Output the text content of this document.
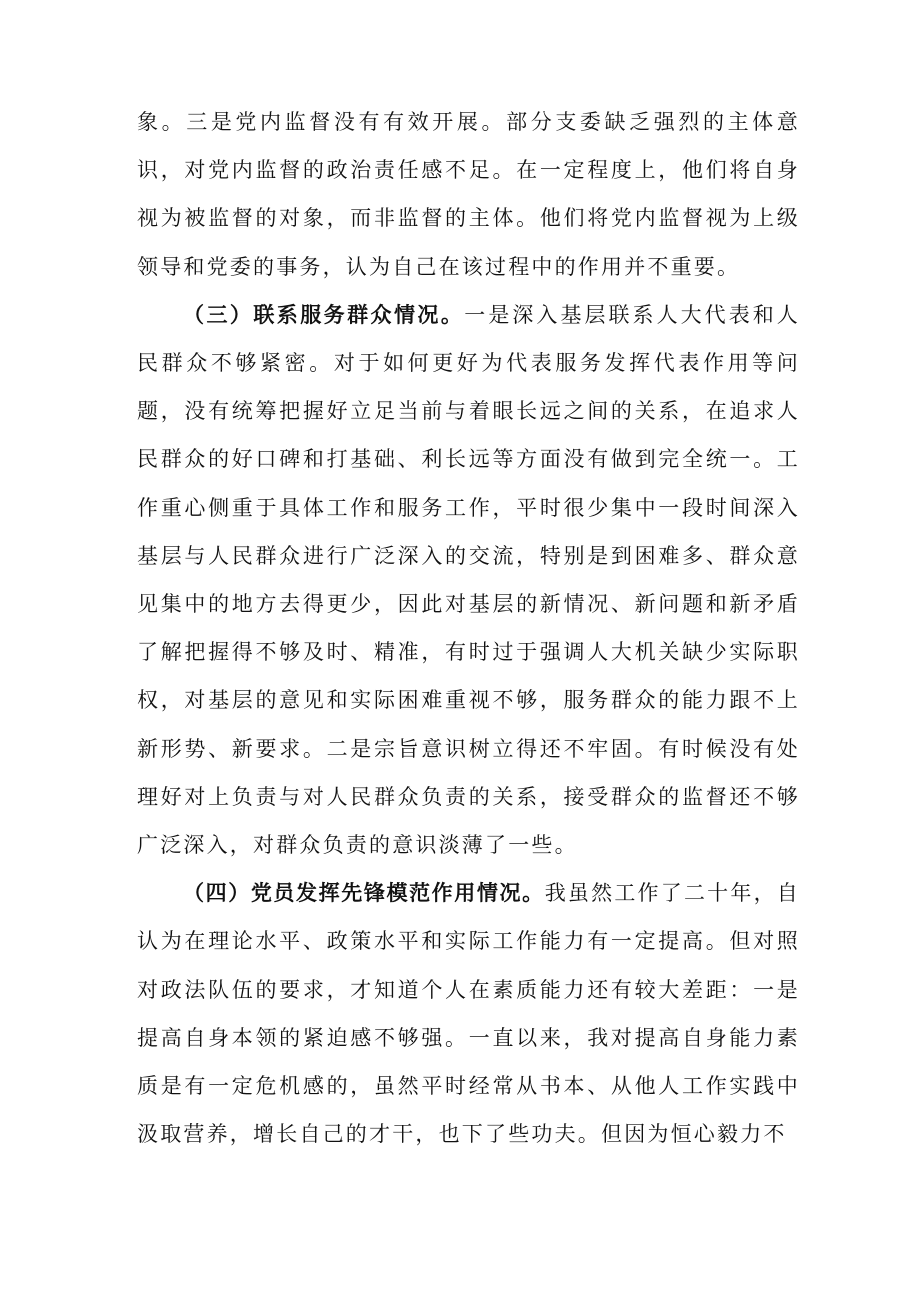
象。三是党内监督没有有效开展。部分支委缺乏强烈的主体意识，对党内监督的政治责任感不足。在一定程度上，他们将自身视为被监督的对象，而非监督的主体。他们将党内监督视为上级领导和党委的事务，认为自己在该过程中的作用并不重要。

（三）联系服务群众情况。一是深入基层联系人大代表和人民群众不够紧密。对于如何更好为代表服务发挥代表作用等问题，没有统筹把握好立足当前与着眼长远之间的关系，在追求人民群众的好口碑和打基础、利长远等方面没有做到完全统一。工作重心侧重于具体工作和服务工作，平时很少集中一段时间深入基层与人民群众进行广泛深入的交流，特别是到困难多、群众意见集中的地方去得更少，因此对基层的新情况、新问题和新矛盾了解把握得不够及时、精准，有时过于强调人大机关缺少实际职权，对基层的意见和实际困难重视不够，服务群众的能力跟不上新形势、新要求。二是宗旨意识树立得还不牢固。有时候没有处理好对上负责与对人民群众负责的关系，接受群众的监督还不够广泛深入，对群众负责的意识淡薄了一些。

（四）党员发挥先锋模范作用情况。我虽然工作了二十年，自认为在理论水平、政策水平和实际工作能力有一定提高。但对照对政法队伍的要求，才知道个人在素质能力还有较大差距：一是提高自身本领的紧迫感不够强。一直以来，我对提高自身能力素质是有一定危机感的，虽然平时经常从书本、从他人工作实践中汲取营养，增长自己的才干，也下了些功夫。但因为恒心毅力不
